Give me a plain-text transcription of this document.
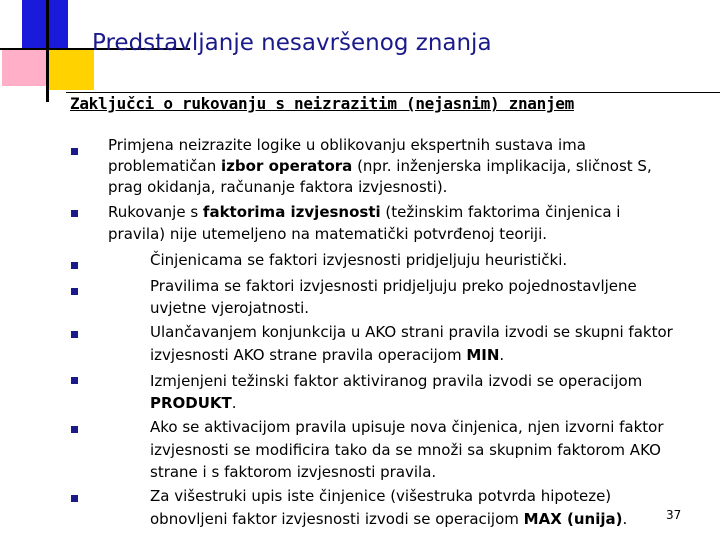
Predstavljanje nesavršenog znanja
Zaključci o rukovanju s neizrazitim (nejasnim) znanjem
Primjena neizrazite logike u oblikovanju ekspertnih sustava ima
problematičan izbor operatora (npr. inženjerska implikacija, sličnost S,
prag okidanja, računanje faktora izvjesnosti).
Rukovanje s faktorima izvjesnosti (težinskim faktorima činjenica i
pravila) nije utemeljeno na matematički potvrđenoj teoriji.
Činjenicama se faktori izvjesnosti pridjeljuju heuristički.
Pravilima se faktori izvjesnosti pridjeljuju preko pojednostavljene
uvjetne vjerojatnosti.
Ulančavanjem konjunkcija u AKO strani pravila izvodi se skupni faktor
izvjesnosti AKO strane pravila operacijom MIN.
Izmjenjeni težinski faktor aktiviranog pravila izvodi se operacijom
PRODUKT.
Ako se aktivacijom pravila upisuje nova činjenica, njen izvorni faktor
izvjesnosti se modificira tako da se množi sa skupnim faktorom AKO
strane i s faktorom izvjesnosti pravila.
Za višestruki upis iste činjenice (višestruka potvrda hipoteze)
obnovljeni faktor izvjesnosti izvodi se operacijom MAX (unija).	37
